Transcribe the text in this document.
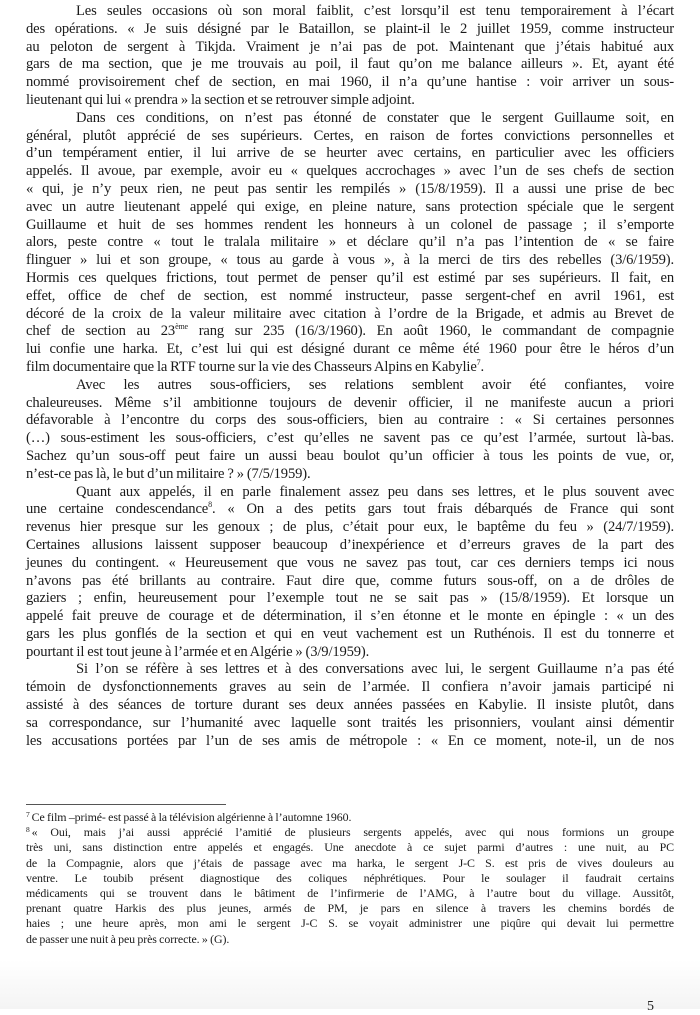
Les seules occasions où son moral faiblit, c’est lorsqu’il est tenu temporairement à l’écart
des opérations. « Je suis désigné par le Bataillon, se plaint-il le 2 juillet 1959, comme instructeur
au peloton de sergent à Tikjda. Vraiment je n’ai pas de pot. Maintenant que j’étais habitué aux
gars de ma section, que je me trouvais au poil, il faut qu’on me balance ailleurs ». Et, ayant été
nommé provisoirement chef de section, en mai 1960, il n’a qu’une hantise : voir arriver un sous-
lieutenant qui lui « prendra » la section et se retrouver simple adjoint.
Dans ces conditions, on n’est pas étonné de constater que le sergent Guillaume soit, en
général, plutôt apprécié de ses supérieurs. Certes, en raison de fortes convictions personnelles et
d’un tempérament entier, il lui arrive de se heurter avec certains, en particulier avec les officiers
appelés. Il avoue, par exemple, avoir eu « quelques accrochages » avec l’un de ses chefs de section
« qui, je n’y peux rien, ne peut pas sentir les rempilés » (15/8/1959). Il a aussi une prise de bec
avec un autre lieutenant appelé qui exige, en pleine nature, sans protection spéciale que le sergent
Guillaume et huit de ses hommes rendent les honneurs à un colonel de passage ; il s’emporte
alors, peste contre « tout le tralala militaire » et déclare qu’il n’a pas l’intention de « se faire
flinguer » lui et son groupe, « tous au garde à vous », à la merci de tirs des rebelles (3/6/1959).
Hormis ces quelques frictions, tout permet de penser qu’il est estimé par ses supérieurs. Il fait, en
effet, office de chef de section, est nommé instructeur, passe sergent-chef en avril 1961, est
décoré de la croix de la valeur militaire avec citation à l’ordre de la Brigade, et admis au Brevet de
chef de section au 23ème rang sur 235 (16/3/1960). En août 1960, le commandant de compagnie
lui confie une harka. Et, c’est lui qui est désigné durant ce même été 1960 pour être le héros d’un
film documentaire que la RTF tourne sur la vie des Chasseurs Alpins en Kabylie$^7$.
Avec les autres sous-officiers, ses relations semblent avoir été confiantes, voire
chaleureuses. Même s’il ambitionne toujours de devenir officier, il ne manifeste aucun a priori
défavorable à l’encontre du corps des sous-officiers, bien au contraire : « Si certaines personnes
(…) sous-estiment les sous-officiers, c’est qu’elles ne savent pas ce qu’est l’armée, surtout là-bas.
Sachez qu’un sous-off peut faire un aussi beau boulot qu’un officier à tous les points de vue, or,
n’est-ce pas là, le but d’un militaire ? » (7/5/1959).
Quant aux appelés, il en parle finalement assez peu dans ses lettres, et le plus souvent avec
une certaine condescendance$^8$. « On a des petits gars tout frais débarqués de France qui sont
revenus hier presque sur les genoux ; de plus, c’était pour eux, le baptême du feu » (24/7/1959).
Certaines allusions laissent supposer beaucoup d’inexpérience et d’erreurs graves de la part des
jeunes du contingent. « Heureusement que vous ne savez pas tout, car ces derniers temps ici nous
n’avons pas été brillants au contraire. Faut dire que, comme futurs sous-off, on a de drôles de
gaziers ; enfin, heureusement pour l’exemple tout ne se sait pas » (15/8/1959). Et lorsque un
appelé fait preuve de courage et de détermination, il s’en étonne et le monte en épingle : « un des
gars les plus gonflés de la section et qui en veut vachement est un Ruthénois. Il est du tonnerre et
pourtant il est tout jeune à l’armée et en Algérie » (3/9/1959).
Si l’on se réfère à ses lettres et à des conversations avec lui, le sergent Guillaume n’a pas été
témoin de dysfonctionnements graves au sein de l’armée. Il confiera n’avoir jamais participé ni
assisté à des séances de torture durant ses deux années passées en Kabylie. Il insiste plutôt, dans
sa correspondance, sur l’humanité avec laquelle sont traités les prisonniers, voulant ainsi démentir
les accusations portées par l’un de ses amis de métropole : « En ce moment, note-il, un de nos
$^7$ Ce film –primé- est passé à la télévision algérienne à l’automne 1960.
$^8$ « Oui, mais j’ai aussi apprécié l’amitié de plusieurs sergents appelés, avec qui nous formions un groupe
très uni, sans distinction entre appelés et engagés. Une anecdote à ce sujet parmi d’autres : une nuit, au PC
de la Compagnie, alors que j’étais de passage avec ma harka, le sergent J-C S. est pris de vives douleurs au
ventre. Le toubib présent diagnostique des coliques néphrétiques. Pour le soulager il faudrait certains
médicaments qui se trouvent dans le bâtiment de l’infirmerie de l’AMG, à l’autre bout du village. Aussitôt,
prenant quatre Harkis des plus jeunes, armés de PM, je pars en silence à travers les chemins bordés de
haies ; une heure après, mon ami le sergent J-C S. se voyait administrer une piqûre qui devait lui permettre
de passer une nuit à peu près correcte. » (G).
5
